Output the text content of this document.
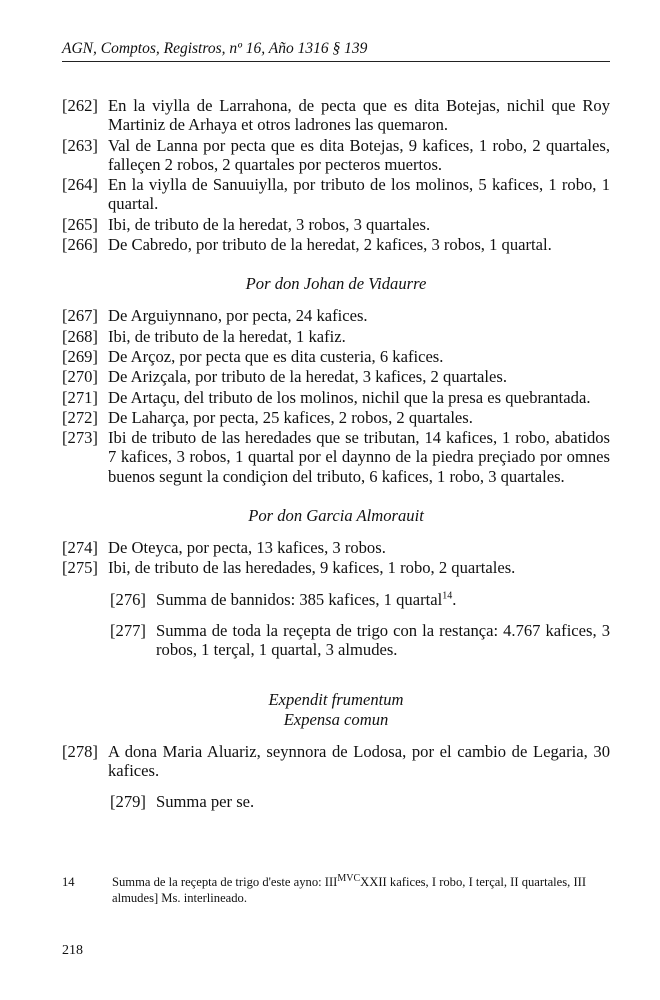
AGN, Comptos, Registros, nº 16, Año 1316 § 139
[262] En la viylla de Larrahona, de pecta que es dita Botejas, nichil que Roy Martiniz de Arhaya et otros ladrones las quemaron.
[263] Val de Lanna por pecta que es dita Botejas, 9 kafices, 1 robo, 2 quartales, falleçen 2 robos, 2 quartales por pecteros muertos.
[264] En la viylla de Sanuuiylla, por tributo de los molinos, 5 kafices, 1 robo, 1 quartal.
[265] Ibi, de tributo de la heredat, 3 robos, 3 quartales.
[266] De Cabredo, por tributo de la heredat, 2 kafices, 3 robos, 1 quartal.
Por don Johan de Vidaurre
[267] De Arguiynnano, por pecta, 24 kafices.
[268] Ibi, de tributo de la heredat, 1 kafiz.
[269] De Arçoz, por pecta que es dita custeria, 6 kafices.
[270] De Arizçala, por tributo de la heredat, 3 kafices, 2 quartales.
[271] De Artaçu, del tributo de los molinos, nichil que la presa es quebrantada.
[272] De Laharça, por pecta, 25 kafices, 2 robos, 2 quartales.
[273] Ibi de tributo de las heredades que se tributan, 14 kafices, 1 robo, abatidos 7 kafices, 3 robos, 1 quartal por el daynno de la piedra preçiado por omnes buenos segunt la condiçion del tributo, 6 kafices, 1 robo, 3 quartales.
Por don Garcia Almorauit
[274] De Oteyca, por pecta, 13 kafices, 3 robos.
[275] Ibi, de tributo de las heredades, 9 kafices, 1 robo, 2 quartales.
[276] Summa de bannidos: 385 kafices, 1 quartal$^{14}$.
[277] Summa de toda la reçepta de trigo con la restança: 4.767 kafices, 3 robos, 1 terçal, 1 quartal, 3 almudes.
Expendit frumentum
Expensa comun
[278] A dona Maria Aluariz, seynnora de Lodosa, por el cambio de Legaria, 30 kafices.
[279] Summa per se.
14	Summa de la reçepta de trigo d'este ayno: $III^{MVC}XXII$ kafices, I robo, I terçal, II quartales, III almudes] Ms. interlineado.
218
